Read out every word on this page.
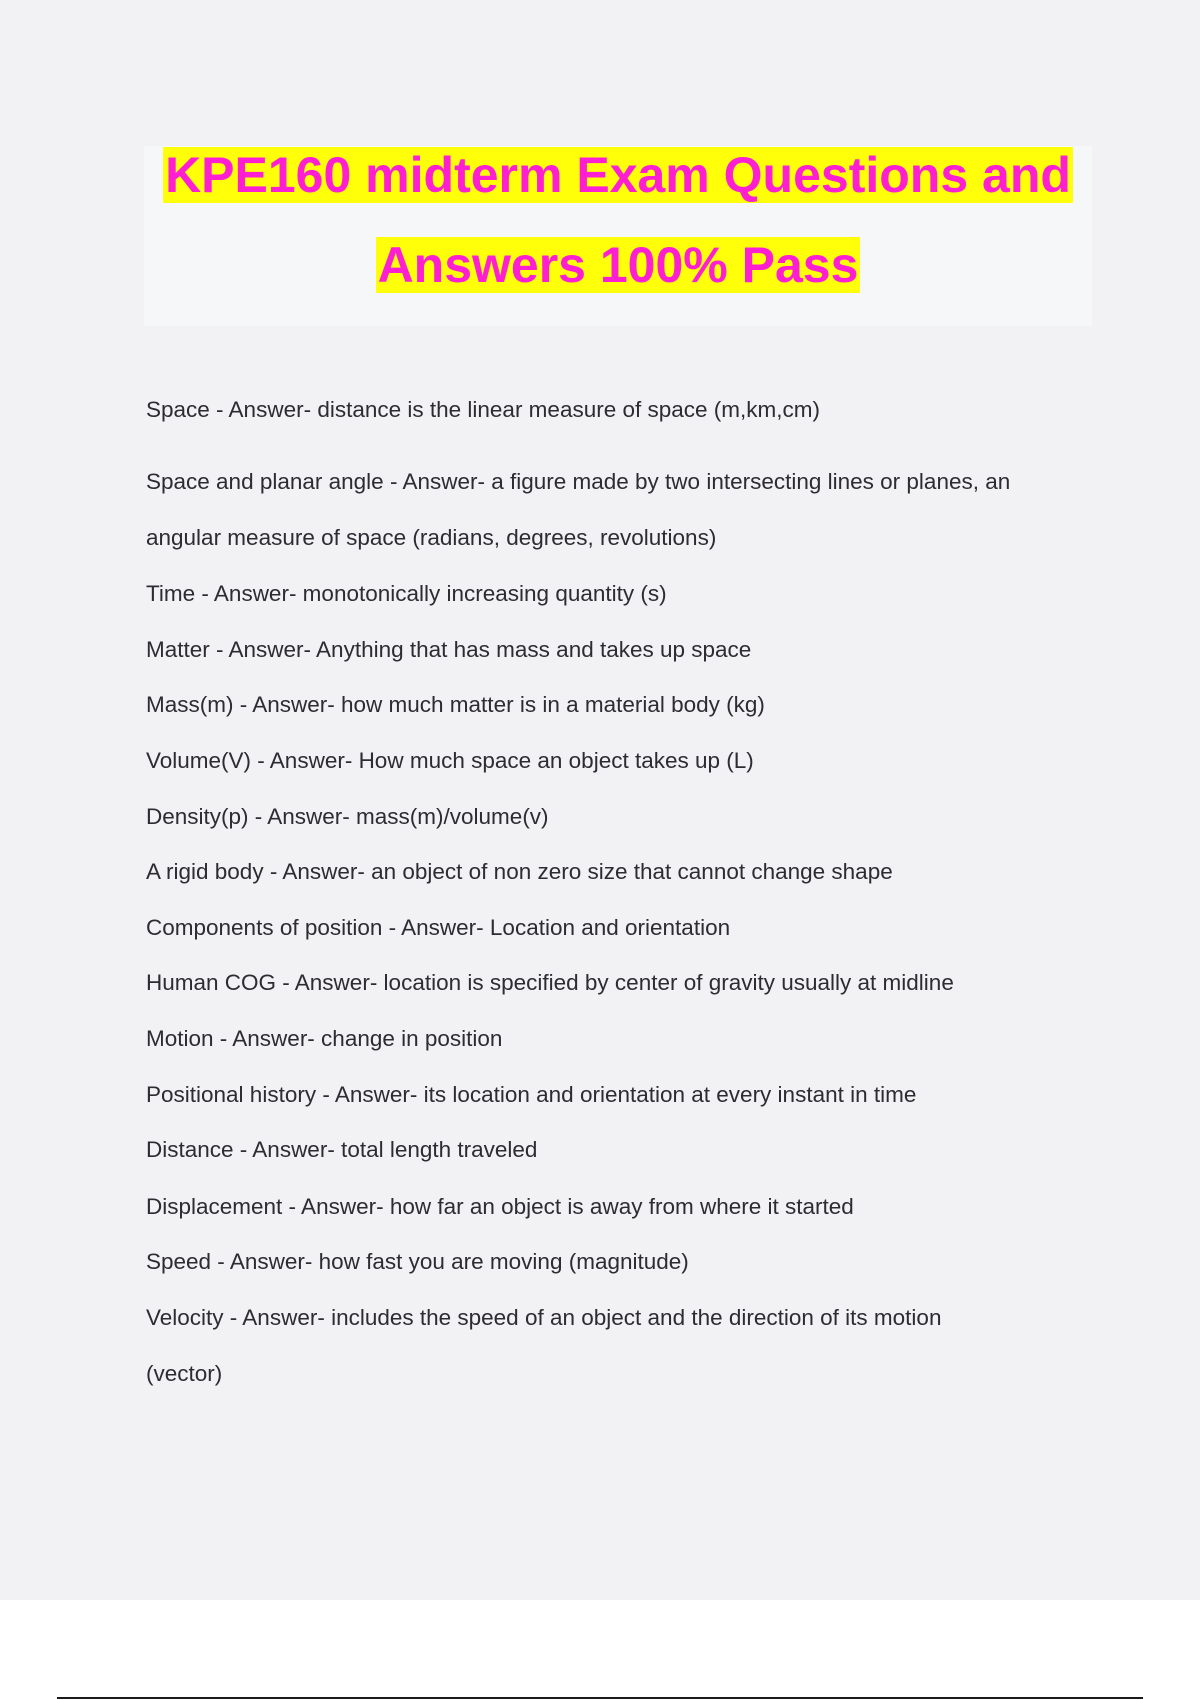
KPE160 midterm Exam Questions and
Answers 100% Pass
Space - Answer- distance is the linear measure of space (m,km,cm)
Space and planar angle - Answer- a figure made by two intersecting lines or planes, an
angular measure of space (radians, degrees, revolutions)
Time - Answer- monotonically increasing quantity (s)
Matter - Answer- Anything that has mass and takes up space
Mass(m) - Answer- how much matter is in a material body (kg)
Volume(V) - Answer- How much space an object takes up (L)
Density(p) - Answer- mass(m)/volume(v)
A rigid body - Answer- an object of non zero size that cannot change shape
Components of position - Answer- Location and orientation
Human COG - Answer- location is specified by center of gravity usually at midline
Motion - Answer- change in position
Positional history - Answer- its location and orientation at every instant in time
Distance - Answer- total length traveled
Displacement - Answer- how far an object is away from where it started
Speed - Answer- how fast you are moving (magnitude)
Velocity - Answer- includes the speed of an object and the direction of its motion
(vector)
